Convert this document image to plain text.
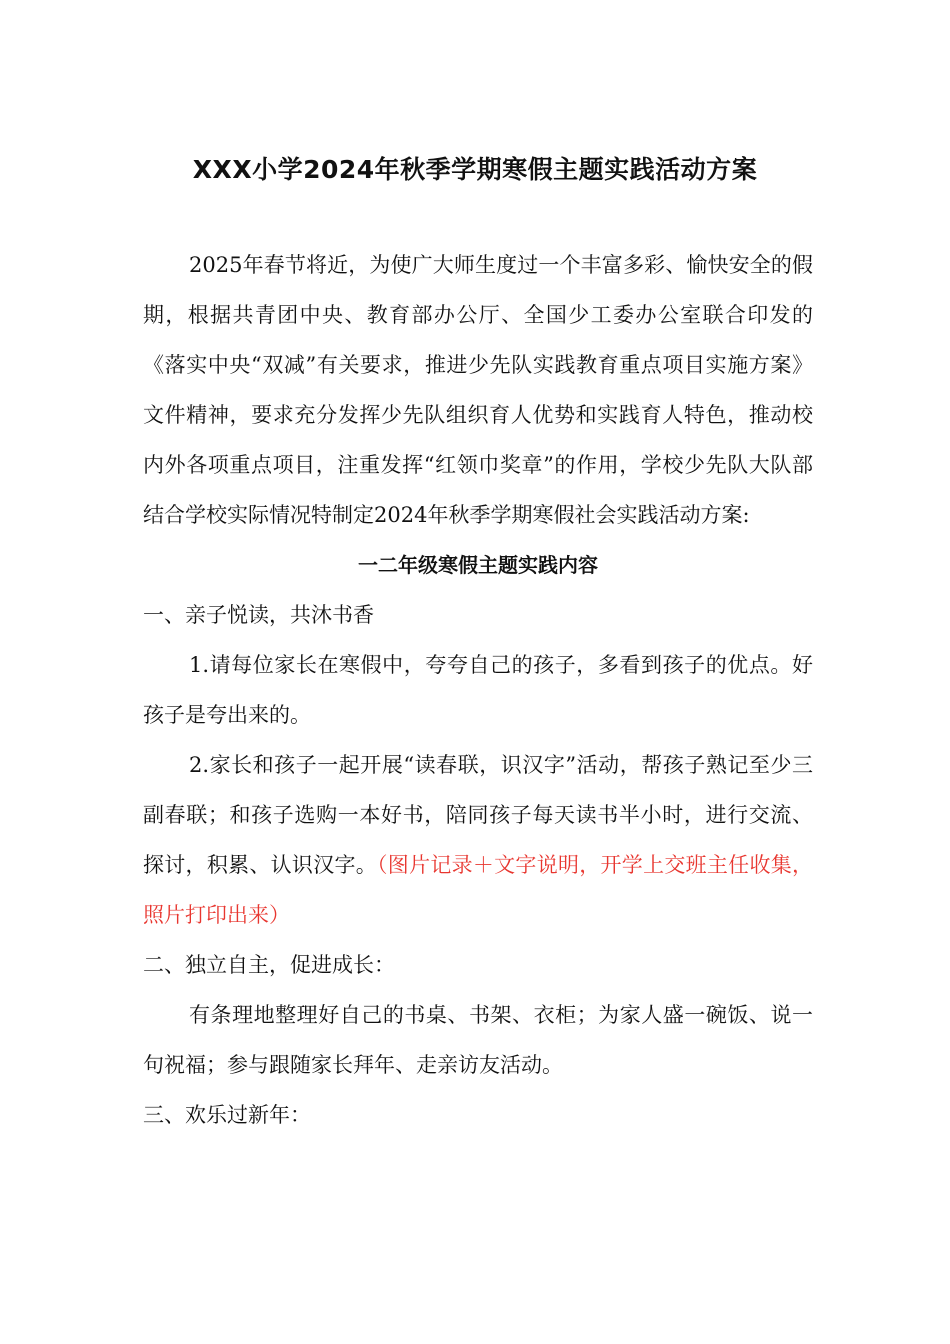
XXX小学2024年秋季学期寒假主题实践活动方案

2025年春节将近，为使广大师生度过一个丰富多彩、愉快安全的假期，根据共青团中央、教育部办公厅、全国少工委办公室联合印发的《落实中央“双减”有关要求，推进少先队实践教育重点项目实施方案》文件精神，要求充分发挥少先队组织育人优势和实践育人特色，推动校内外各项重点项目，注重发挥“红领巾奖章”的作用，学校少先队大队部结合学校实际情况特制定2024年秋季学期寒假社会实践活动方案:

一二年级寒假主题实践内容

一、亲子悦读，共沐书香

1.请每位家长在寒假中，夸夸自己的孩子，多看到孩子的优点。好孩子是夸出来的。

2.家长和孩子一起开展“读春联，识汉字”活动，帮孩子熟记至少三副春联；和孩子选购一本好书，陪同孩子每天读书半小时，进行交流、探讨，积累、认识汉字。（图片记录＋文字说明，开学上交班主任收集，照片打印出来）

二、独立自主，促进成长：

有条理地整理好自己的书桌、书架、衣柜；为家人盛一碗饭、说一句祝福；参与跟随家长拜年、走亲访友活动。

三、欢乐过新年：
